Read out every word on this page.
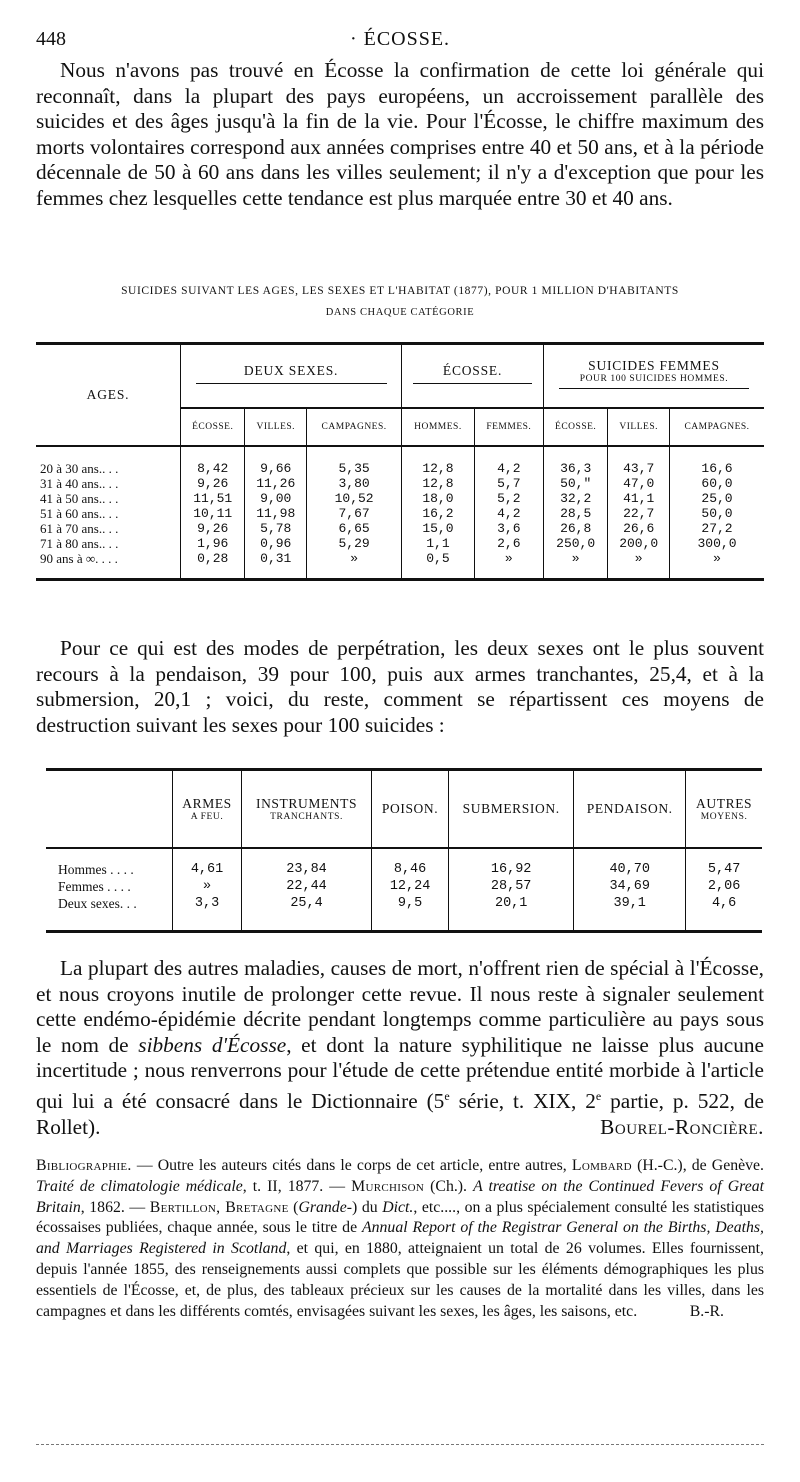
448	· ÉCOSSE.

Nous n'avons pas trouvé en Écosse la confirmation de cette loi générale qui reconnaît, dans la plupart des pays européens, un accroissement parallèle des suicides et des âges jusqu'à la fin de la vie. Pour l'Écosse, le chiffre maximum des morts volontaires correspond aux années comprises entre 40 et 50 ans, et à la période décennale de 50 à 60 ans dans les villes seulement; il n'y a d'exception que pour les femmes chez lesquelles cette tendance est plus marquée entre 30 et 40 ans.

SUICIDES SUIVANT LES AGES, LES SEXES ET L'HABITAT (1877), POUR 1 MILLION D'HABITANTS
DANS CHAQUE CATÉGORIE
AGES.	DEUX SEXES.			ÉCOSSE.		SUICIDES FEMMES
POUR 100 SUICIDES HOMMES.		

	ÉCOSSE.	VILLES.	CAMPAGNES.	HOMMES.	FEMMES.	ÉCOSSE.	VILLES.	CAMPAGNES.
20 à 30 ans.. . .	8,42	9,66	5,35	12,8	4,2	36,3	43,7	16,6
31 à 40 ans.. . .	9,26	11,26	3,80	12,8	5,7	50,"	47,0	60,0
41 à 50 ans.. . .	11,51	9,00	10,52	18,0	5,2	32,2	41,1	25,0
51 à 60 ans.. . .	10,11	11,98	7,67	16,2	4,2	28,5	22,7	50,0
61 à 70 ans.. . .	9,26	5,78	6,65	15,0	3,6	26,8	26,6	27,2
71 à 80 ans.. . .	1,96	0,96	5,29	1,1	2,6	250,0	200,0	300,0
90 ans à ∞. . . .	0,28	0,31	»	0,5	»	»	»	»

Pour ce qui est des modes de perpétration, les deux sexes ont le plus souvent recours à la pendaison, 39 pour 100, puis aux armes tranchantes, 25,4, et à la submersion, 20,1 ; voici, du reste, comment se répartissent ces moyens de destruction suivant les sexes pour 100 suicides :

	ARMES
A FEU.	INSTRUMENTS
TRANCHANTS.	POISON.	SUBMERSION.	PENDAISON.	AUTRES
MOYENS.

Hommes . . . .	4,61	23,84	8,46	16,92	40,70	5,47
Femmes . . . .	»	22,44	12,24	28,57	34,69	2,06
Deux sexes. . .	3,3	25,4	9,5	20,1	39,1	4,6

La plupart des autres maladies, causes de mort, n'offrent rien de spécial à l'Écosse, et nous croyons inutile de prolonger cette revue. Il nous reste à signaler seulement cette endémo-épidémie décrite pendant longtemps comme particulière au pays sous le nom de sibbens d'Écosse, et dont la nature syphilitique ne laisse plus aucune incertitude ; nous renverrons pour l'étude de cette prétendue entité morbide à l'article qui lui a été consacré dans le Dictionnaire (5e série, t. XIX, 2e partie, p. 522, de Rollet).	Bourel-Roncière.

Bibliographie. — Outre les auteurs cités dans le corps de cet article, entre autres, Lombard (H.-C.), de Genève. Traité de climatologie médicale, t. II, 1877. — Murchison (Ch.). A treatise on the Continued Fevers of Great Britain, 1862. — Bertillon, Bretagne (Grande-) du Dict., etc...., on a plus spécialement consulté les statistiques écossaises publiées, chaque année, sous le titre de Annual Report of the Registrar General on the Births, Deaths, and Marriages Registered in Scotland, et qui, en 1880, atteignaient un total de 26 volumes. Elles fournissent, depuis l'année 1855, des renseignements aussi complets que possible sur les éléments démographiques les plus essentiels de l'Écosse, et, de plus, des tableaux précieux sur les causes de la mortalité dans les villes, dans les campagnes et dans les différents comtés, envisagées suivant les sexes, les âges, les saisons, etc.	B.-R.
